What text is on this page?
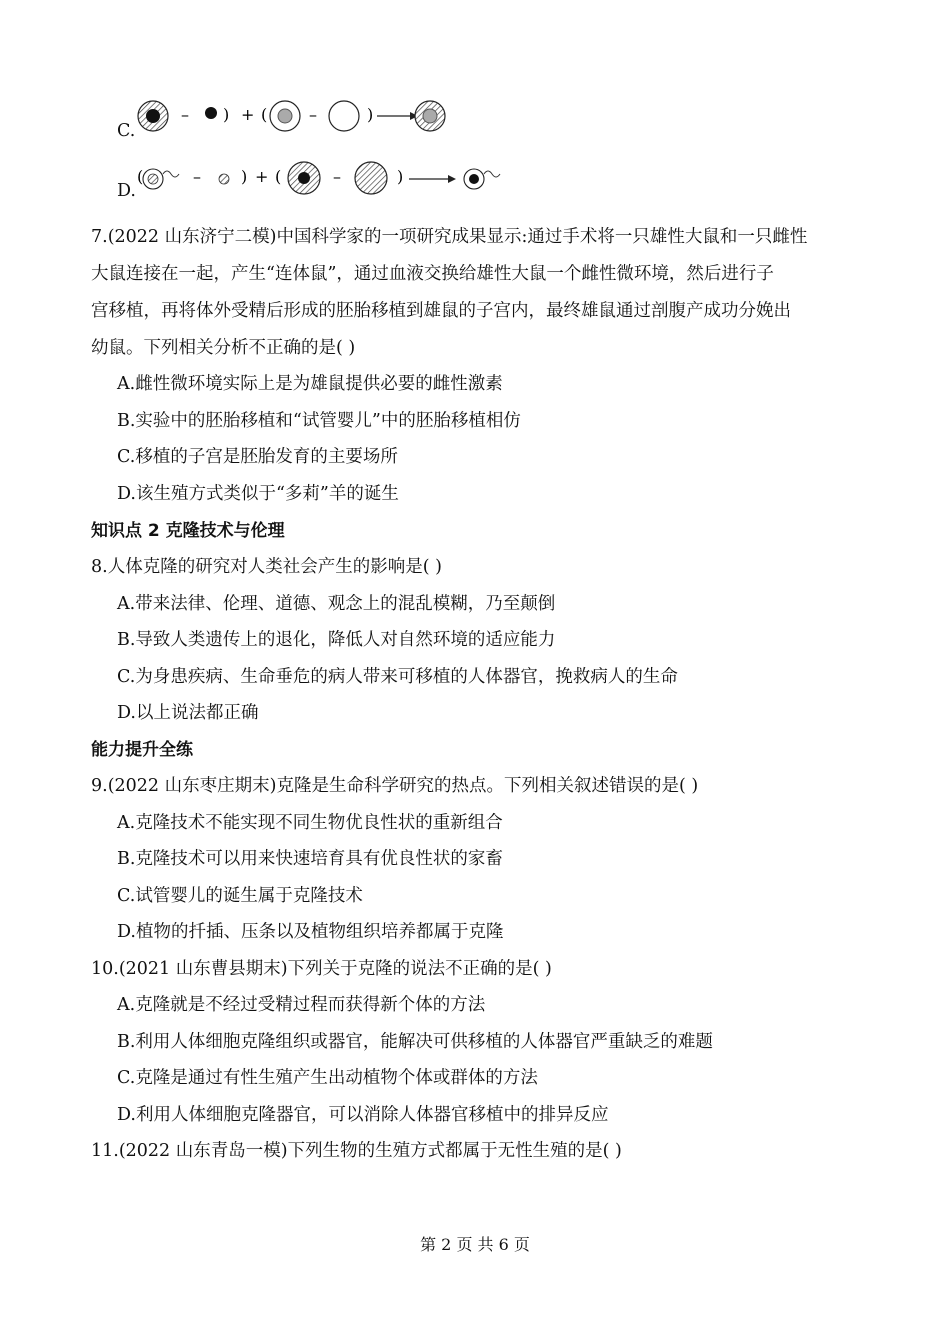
C.
– ) + (	–	)
D.
(	–	) + (	–	)
7.(2022 山东济宁二模)中国科学家的一项研究成果显示:通过手术将一只雄性大鼠和一只雌性
大鼠连接在一起，产生“连体鼠”，通过血液交换给雄性大鼠一个雌性微环境，然后进行子
宫移植，再将体外受精后形成的胚胎移植到雄鼠的子宫内，最终雄鼠通过剖腹产成功分娩出
幼鼠。下列相关分析不正确的是( )
A.雌性微环境实际上是为雄鼠提供必要的雌性激素
B.实验中的胚胎移植和“试管婴儿”中的胚胎移植相仿
C.移植的子宫是胚胎发育的主要场所
D.该生殖方式类似于“多莉”羊的诞生
知识点 2 克隆技术与伦理
8.人体克隆的研究对人类社会产生的影响是( )
A.带来法律、伦理、道德、观念上的混乱模糊，乃至颠倒
B.导致人类遗传上的退化，降低人对自然环境的适应能力
C.为身患疾病、生命垂危的病人带来可移植的人体器官，挽救病人的生命
D.以上说法都正确
能力提升全练
9.(2022 山东枣庄期末)克隆是生命科学研究的热点。下列相关叙述错误的是( )
A.克隆技术不能实现不同生物优良性状的重新组合
B.克隆技术可以用来快速培育具有优良性状的家畜
C.试管婴儿的诞生属于克隆技术
D.植物的扦插、压条以及植物组织培养都属于克隆
10.(2021 山东曹县期末)下列关于克隆的说法不正确的是( )
A.克隆就是不经过受精过程而获得新个体的方法
B.利用人体细胞克隆组织或器官，能解决可供移植的人体器官严重缺乏的难题
C.克隆是通过有性生殖产生出动植物个体或群体的方法
D.利用人体细胞克隆器官，可以消除人体器官移植中的排异反应
11.(2022 山东青岛一模)下列生物的生殖方式都属于无性生殖的是( )
第 2 页 共 6 页
